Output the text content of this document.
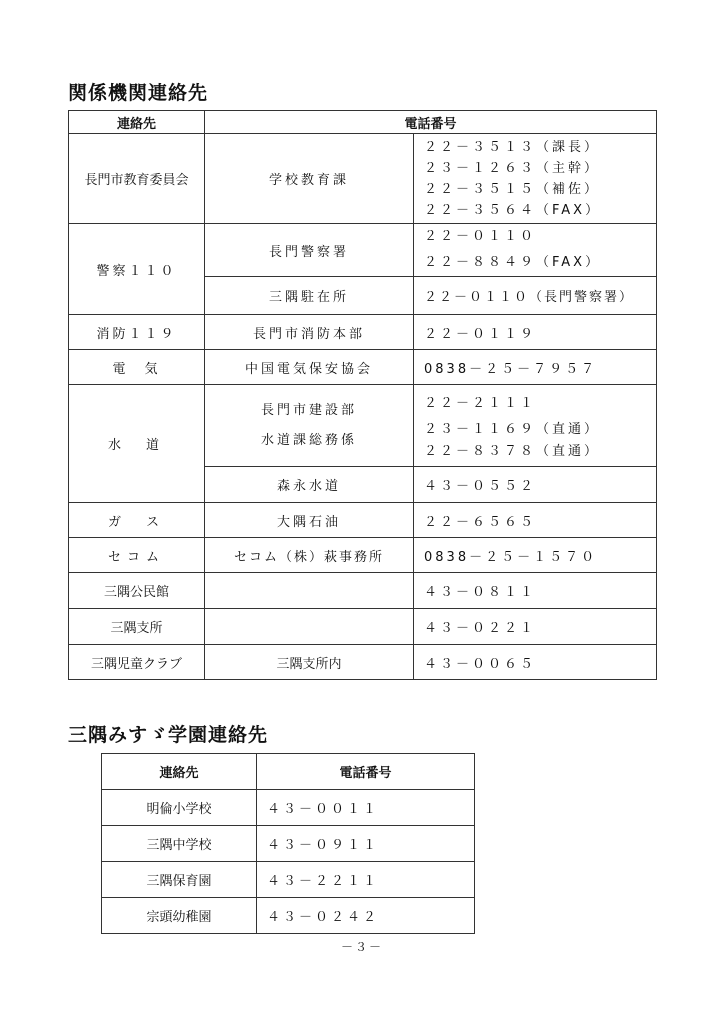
関係機関連絡先
連絡先	電話番号	
長門市教育委員会	学校教育課	２２－３５１３（課長）
２３－１２６３（主幹）
２２－３５１５（補佐）
２２－３５６４（FAX）

警察１１０	長門警察署	２２－０１１０
２２－８８４９（FAX）

	三隅駐在所	２２－０１１０（長門警察署）
消防１１９	長門市消防本部	２２－０１１９
電　気	中国電気保安協会	0838－２５－７９５７
水　道	長門市建設部
水道課総務係	２２－２１１１
２３－１１６９（直通）
２２－８３７８（直通）

	森永水道	４３－０５５２
ガ　ス	大隅石油	２２－６５６５
セコム	セコム（株）萩事務所	0838－２５－１５７０
三隅公民館		４３－０８１１
三隅支所		４３－０２２１
三隅児童クラブ	三隅支所内	４３－００６５
三隅みすゞ学園連絡先
連絡先	電話番号
明倫小学校	４３－００１１
三隅中学校	４３－０９１１
三隅保育園	４３－２２１１
宗頭幼稚園	４３－０２４２
－３－
